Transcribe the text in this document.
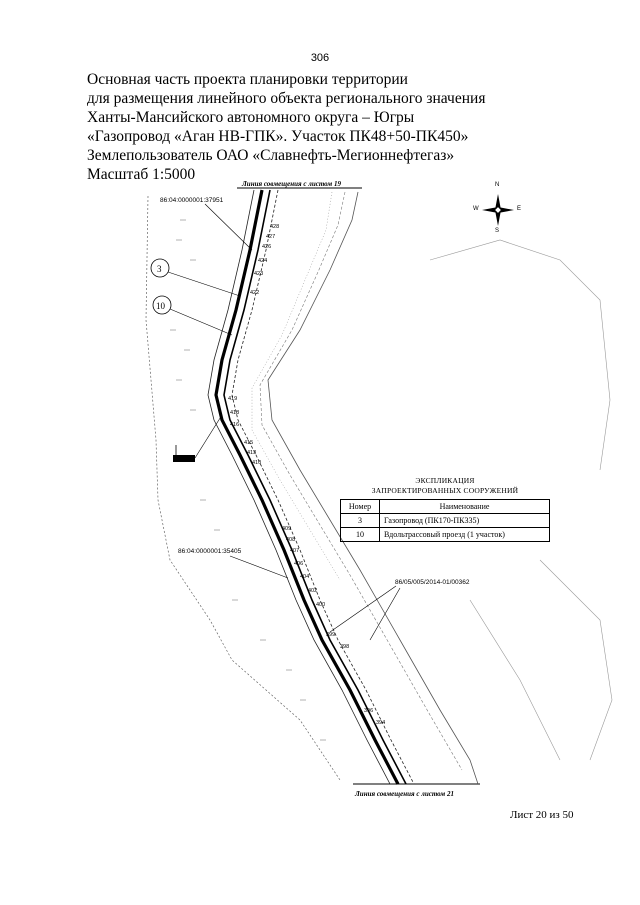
306
Основная часть проекта планировки территории
для размещения линейного объекта регионального значения
Ханты-Мансийского автономного округа – Югры
«Газопровод «Аган НВ-ГПК». Участок ПК48+50-ПК450»
Землепользователь ОАО «Славнефть-Мегионнефтегаз»
Масштаб 1:5000
Линия совмещения с листом 19
Линия совмещения с листом 21
86:04:0000001:37951
86:04:0000001:35405
86/05/005/2014-01/00362
3
10
428
427
426
424
423
422
419
418
416
415
413
410
409
408
407
406
404
402
400
399
398
396
394
N
S
W	E
ЭКСПЛИКАЦИЯ
ЗАПРОЕКТИРОВАННЫХ СООРУЖЕНИЙ
Номер	Наименование
3	Газопровод (ПК170-ПК335)
10	Вдольтрассовый проезд (1 участок)
Лист 20 из 50
